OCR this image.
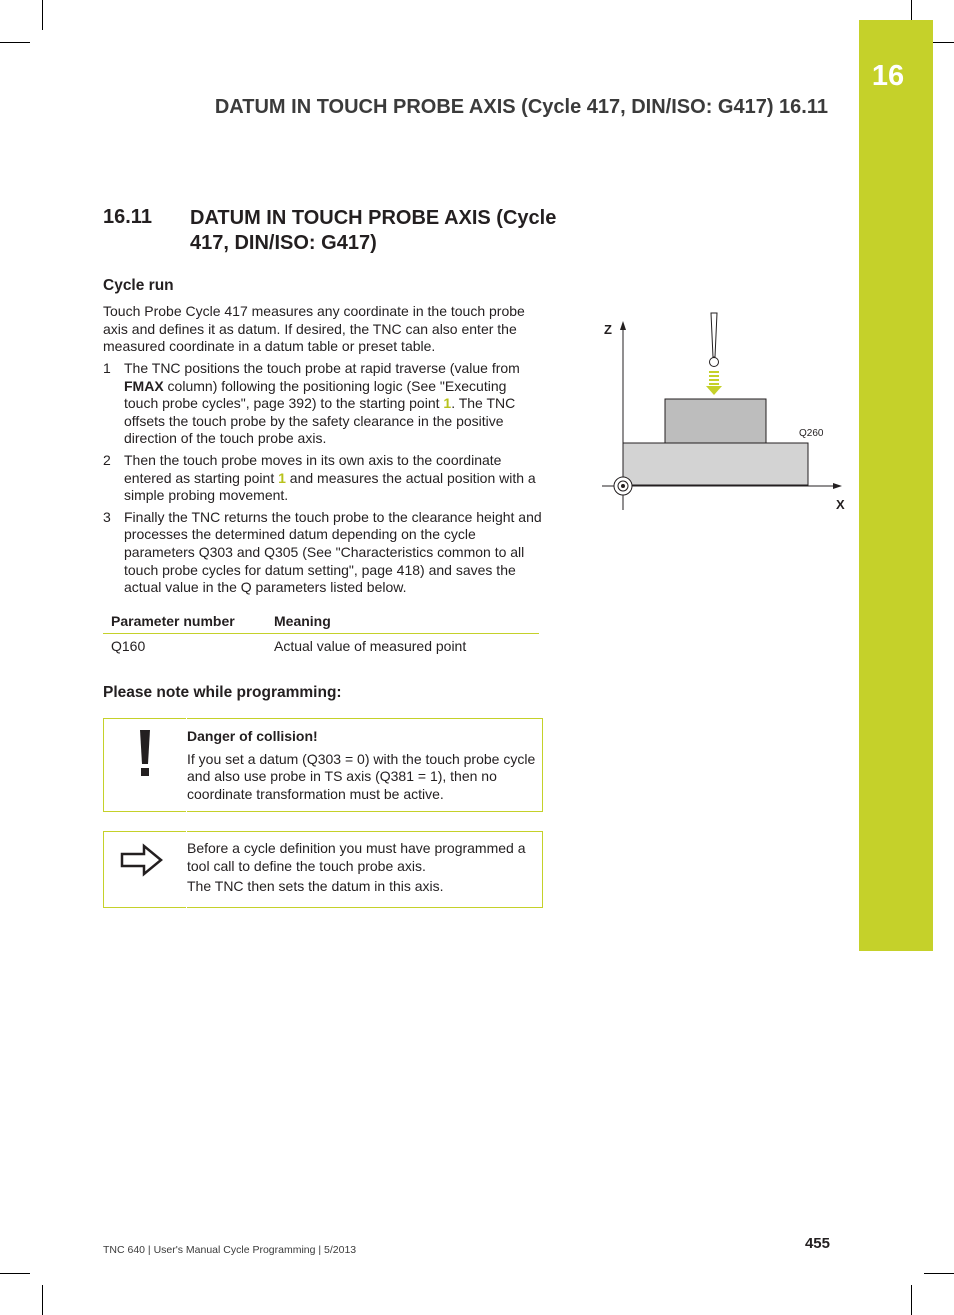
16
DATUM IN TOUCH PROBE AXIS (Cycle 417, DIN/ISO: G417) 16.11
16.11 DATUM IN TOUCH PROBE AXIS (Cycle 417, DIN/ISO: G417)
Cycle run
Touch Probe Cycle 417 measures any coordinate in the touch probe axis and defines it as datum. If desired, the TNC can also enter the measured coordinate in a datum table or preset table.
1 The TNC positions the touch probe at rapid traverse (value from FMAX column) following the positioning logic (See "Executing touch probe cycles", page 392) to the starting point 1. The TNC offsets the touch probe by the safety clearance in the positive direction of the touch probe axis.
2 Then the touch probe moves in its own axis to the coordinate entered as starting point 1 and measures the actual position with a simple probing movement.
3 Finally the TNC returns the touch probe to the clearance height and processes the determined datum depending on the cycle parameters Q303 and Q305 (See "Characteristics common to all touch probe cycles for datum setting", page 418) and saves the actual value in the Q parameters listed below.
Parameter number	Meaning
Q160	Actual value of measured point
Please note while programming:

Danger of collision!

If you set a datum (Q303 = 0) with the touch probe cycle and also use probe in TS axis (Q381 = 1), then no coordinate transformation must be active.

Before a cycle definition you must have programmed a tool call to define the touch probe axis.

The TNC then sets the datum in this axis.

Z
X
Q260
TNC 640 | User's Manual Cycle Programming | 5/2013	455
